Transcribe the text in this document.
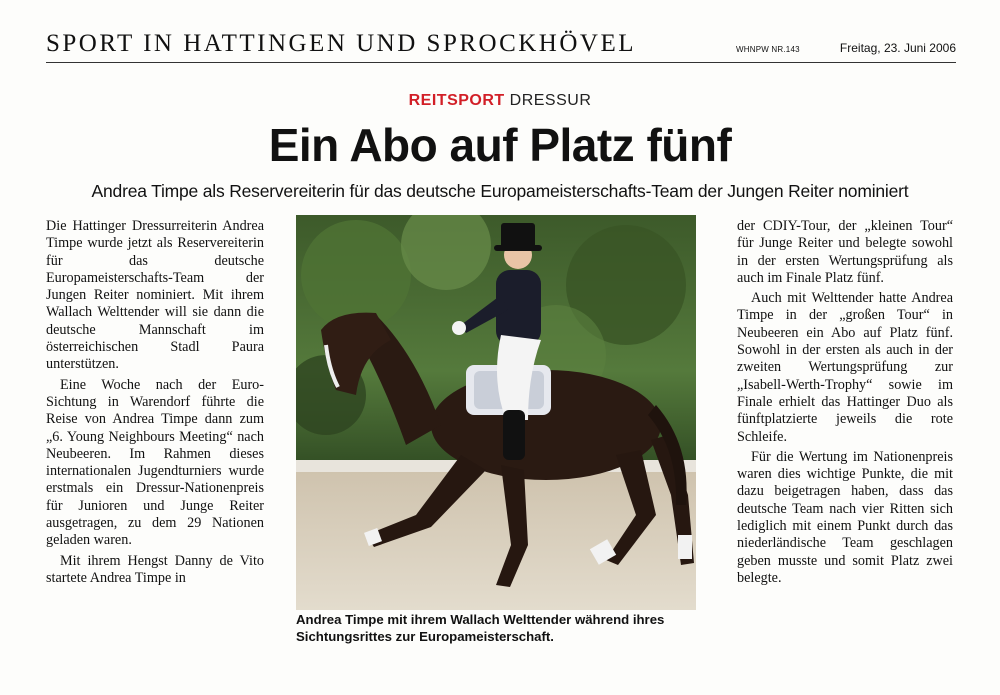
SPORT IN HATTINGEN UND SPROCKHÖVEL	WHNPW NR.143	Freitag, 23. Juni 2006
REITSPORT DRESSUR
Ein Abo auf Platz fünf
Andrea Timpe als Reservereiterin für das deutsche Europameisterschafts-Team der Jungen Reiter nominiert

Die Hattinger Dressurreiterin Andrea Timpe wurde jetzt als Reservereiterin für das deutsche Europameisterschafts-Team der Jungen Reiter nominiert. Mit ihrem Wallach Welttender will sie dann die deutsche Mannschaft im österreichischen Stadl Paura unterstützen.

Eine Woche nach der Euro-Sichtung in Warendorf führte die Reise von Andrea Timpe dann zum „6. Young Neighbours Meeting“ nach Neubeeren. Im Rahmen dieses internationalen Jugendturniers wurde erstmals ein Dressur-Nationenpreis für Junioren und Junge Reiter ausgetragen, zu dem 29 Nationen geladen waren.

Mit ihrem Hengst Danny de Vito startete Andrea Timpe in

Andrea Timpe mit ihrem Wallach Welttender während ihres Sichtungsrittes zur Europameisterschaft.

der CDIY-Tour, der „kleinen Tour“ für Junge Reiter und belegte sowohl in der ersten Wertungsprüfung als auch im Finale Platz fünf.

Auch mit Welttender hatte Andrea Timpe in der „großen Tour“ in Neubeeren ein Abo auf Platz fünf. Sowohl in der ersten als auch in der zweiten Wertungsprüfung zur „Isabell-Werth-Trophy“ sowie im Finale erhielt das Hattinger Duo als fünftplatzierte jeweils die rote Schleife.

Für die Wertung im Nationenpreis waren dies wichtige Punkte, die mit dazu beigetragen haben, dass das deutsche Team nach vier Ritten sich lediglich mit einem Punkt durch das niederländische Team geschlagen geben musste und somit Platz zwei belegte.
